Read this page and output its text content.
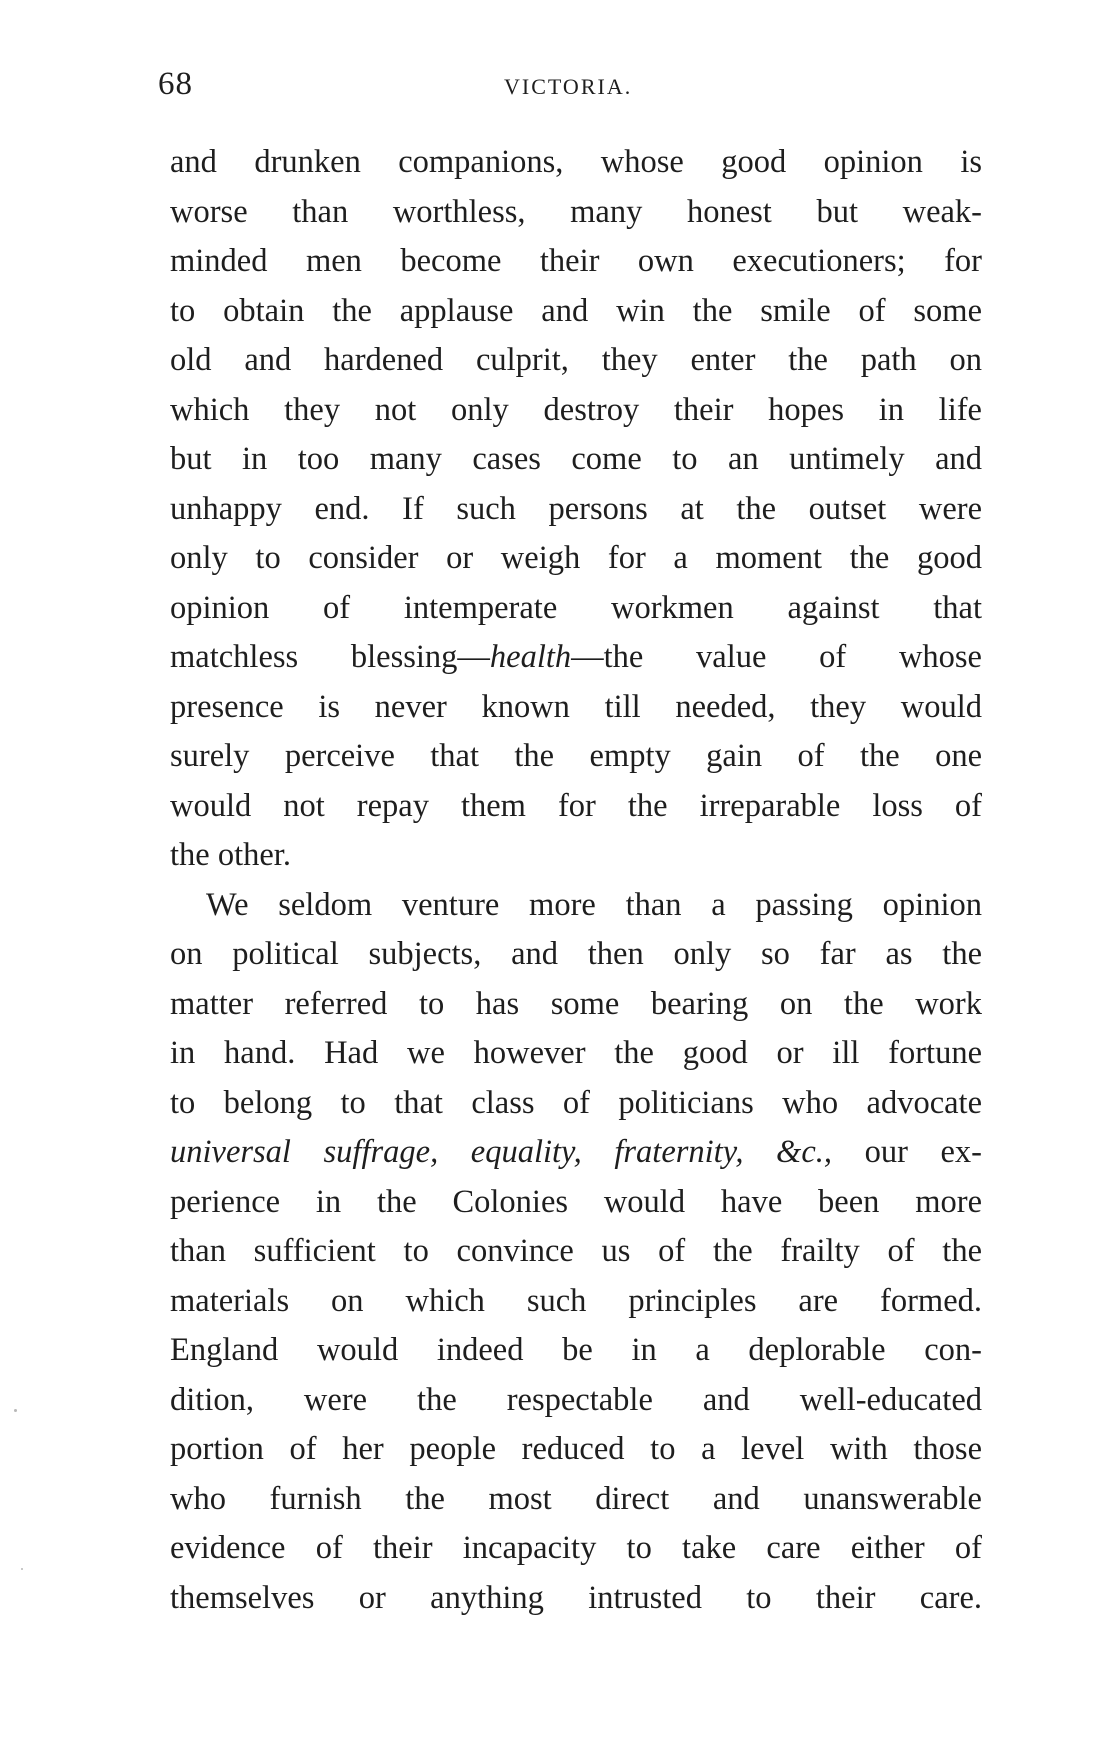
68	VICTORIA.
and drunken companions, whose good opinion is
worse than worthless, many honest but weak-
minded men become their own executioners; for
to obtain the applause and win the smile of some
old and hardened culprit, they enter the path on
which they not only destroy their hopes in life
but in too many cases come to an untimely and
unhappy end. If such persons at the outset were
only to consider or weigh for a moment the good
opinion of intemperate workmen against that
matchless blessing—health—the value of whose
presence is never known till needed, they would
surely perceive that the empty gain of the one
would not repay them for the irreparable loss of
the other.
We seldom venture more than a passing opinion
on political subjects, and then only so far as the
matter referred to has some bearing on the work
in hand. Had we however the good or ill fortune
to belong to that class of politicians who advocate
universal suffrage, equality, fraternity, &c., our ex-
perience in the Colonies would have been more
than sufficient to convince us of the frailty of the
materials on which such principles are formed.
England would indeed be in a deplorable con-
dition, were the respectable and well-educated
portion of her people reduced to a level with those
who furnish the most direct and unanswerable
evidence of their incapacity to take care either of
themselves or anything intrusted to their care.
